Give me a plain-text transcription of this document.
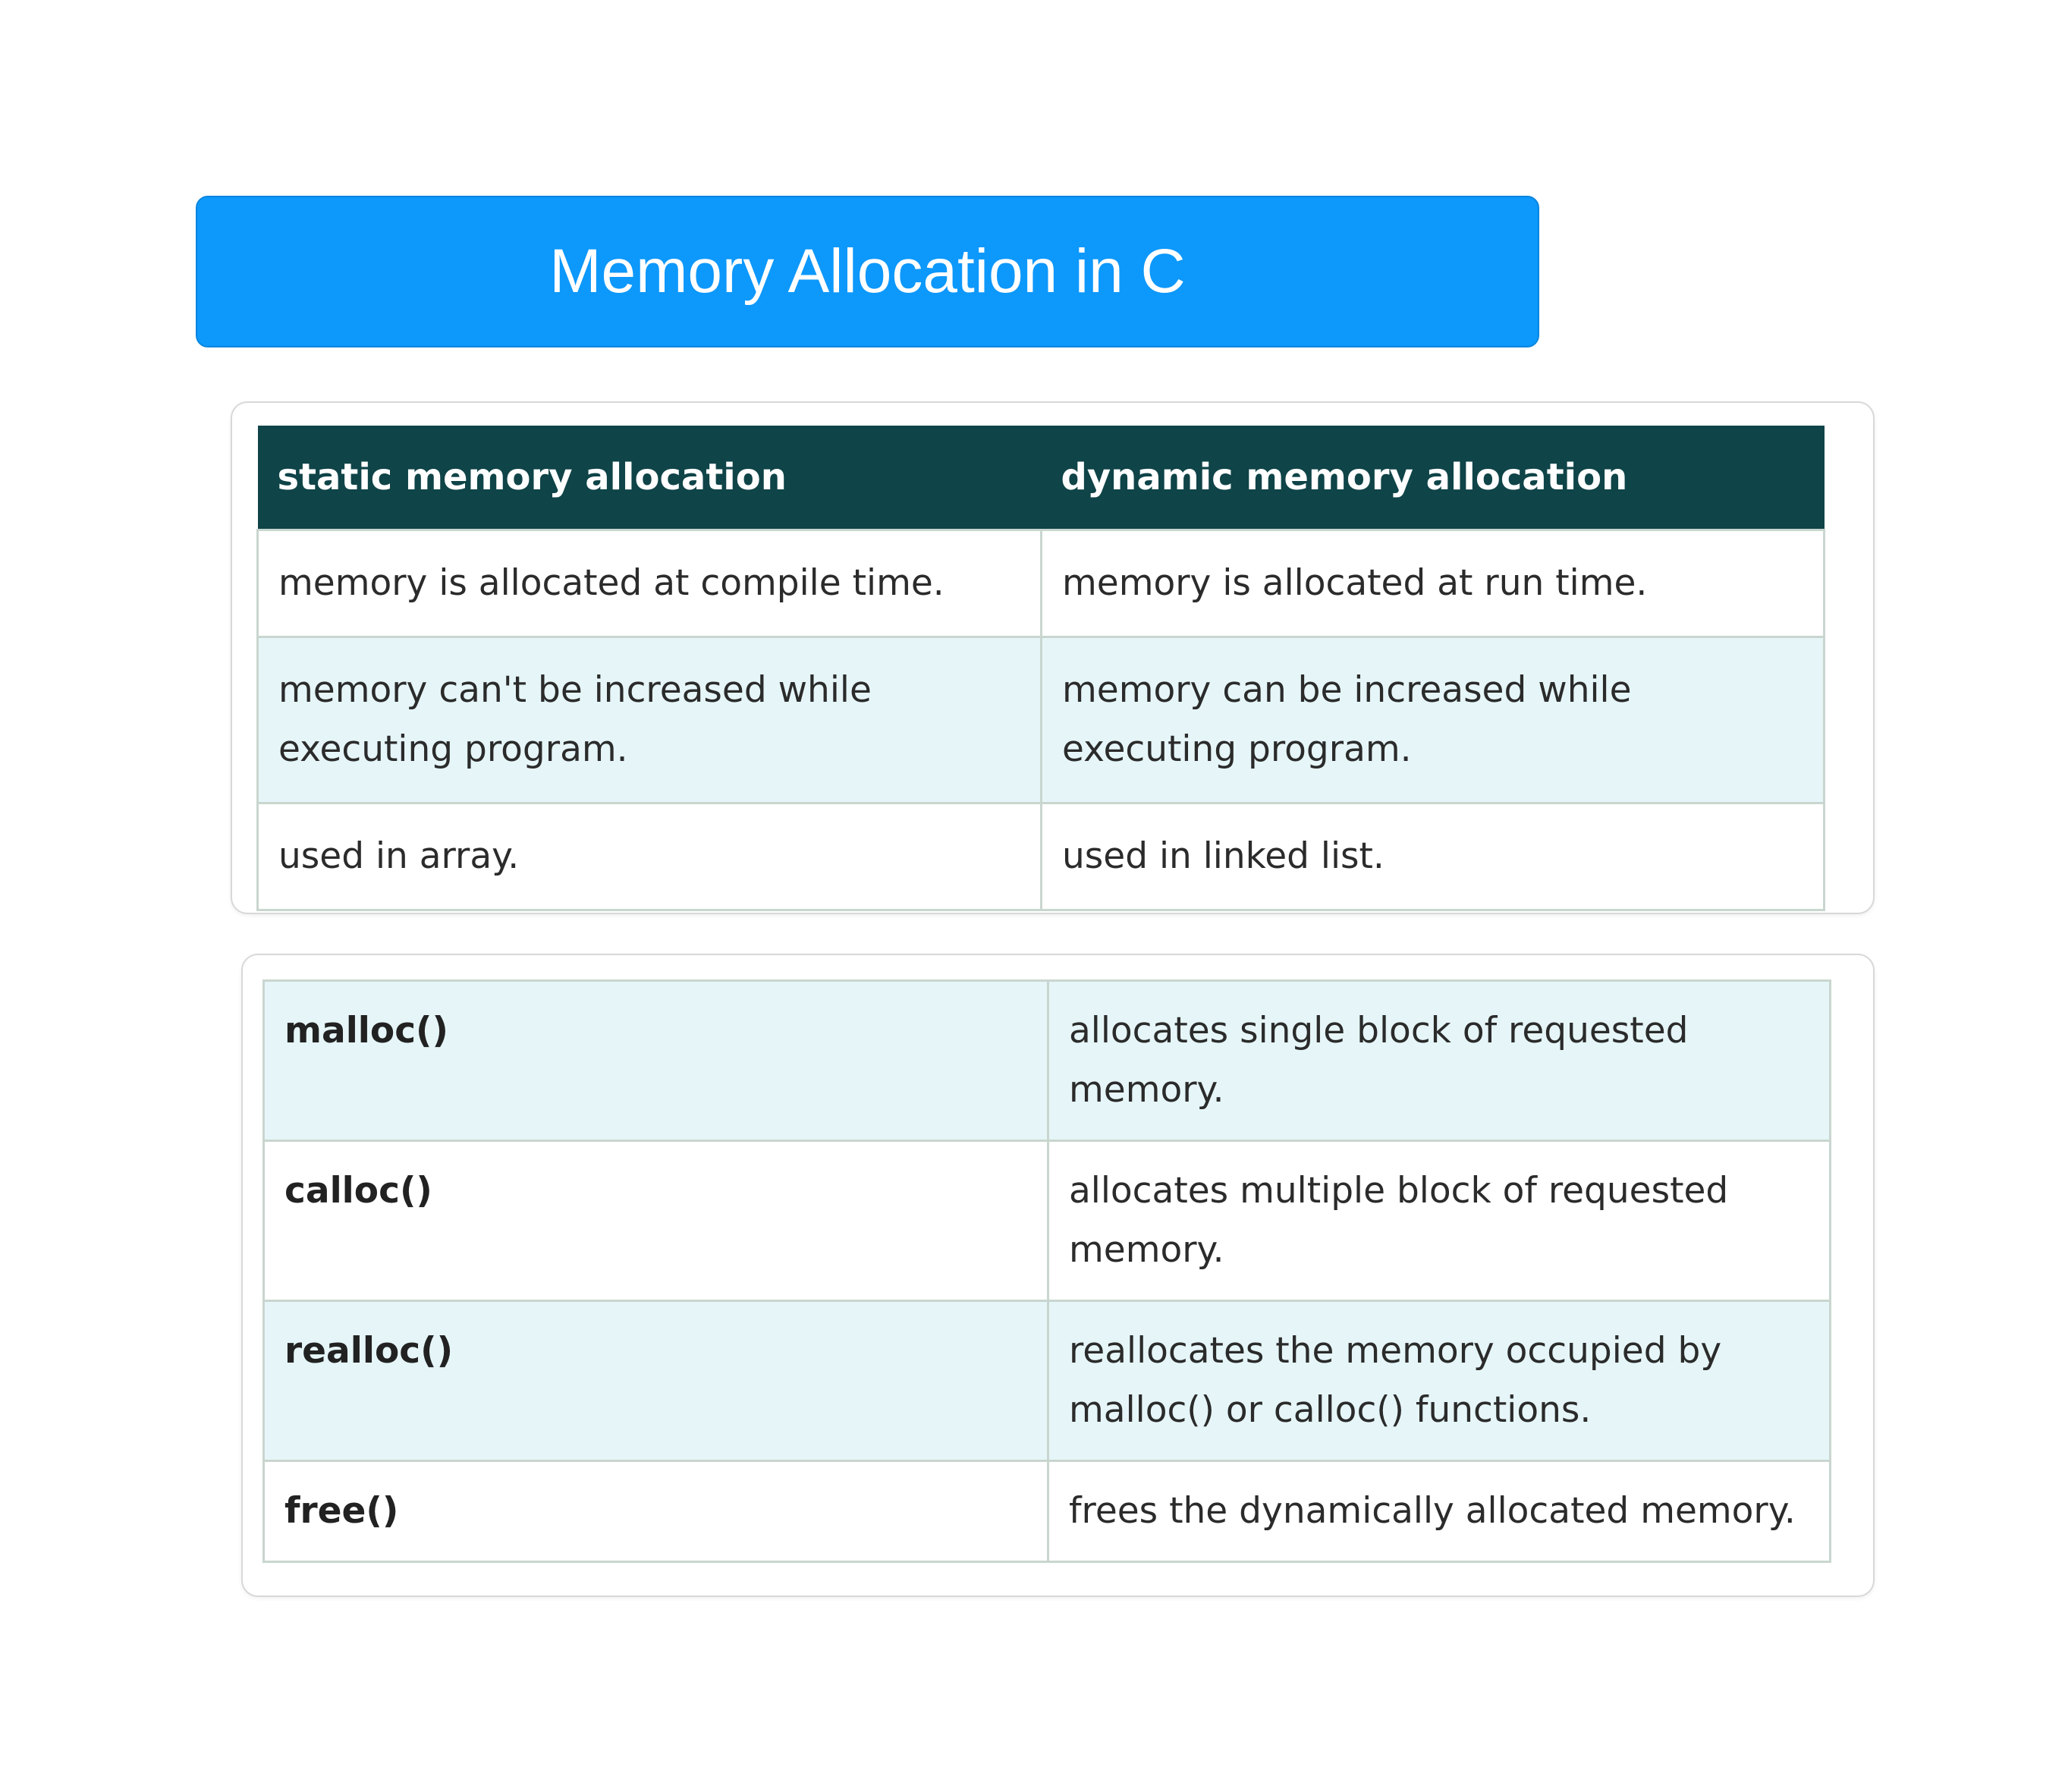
Memory Allocation in C
static memory allocation	dynamic memory allocation
memory is allocated at compile time.	memory is allocated at run time.
memory can't be increased while executing program.	memory can be increased while executing program.
used in array.	used in linked list.
malloc()	allocates single block of requested memory.
calloc()	allocates multiple block of requested memory.
realloc()	reallocates the memory occupied by malloc() or calloc() functions.
free()	frees the dynamically allocated memory.
